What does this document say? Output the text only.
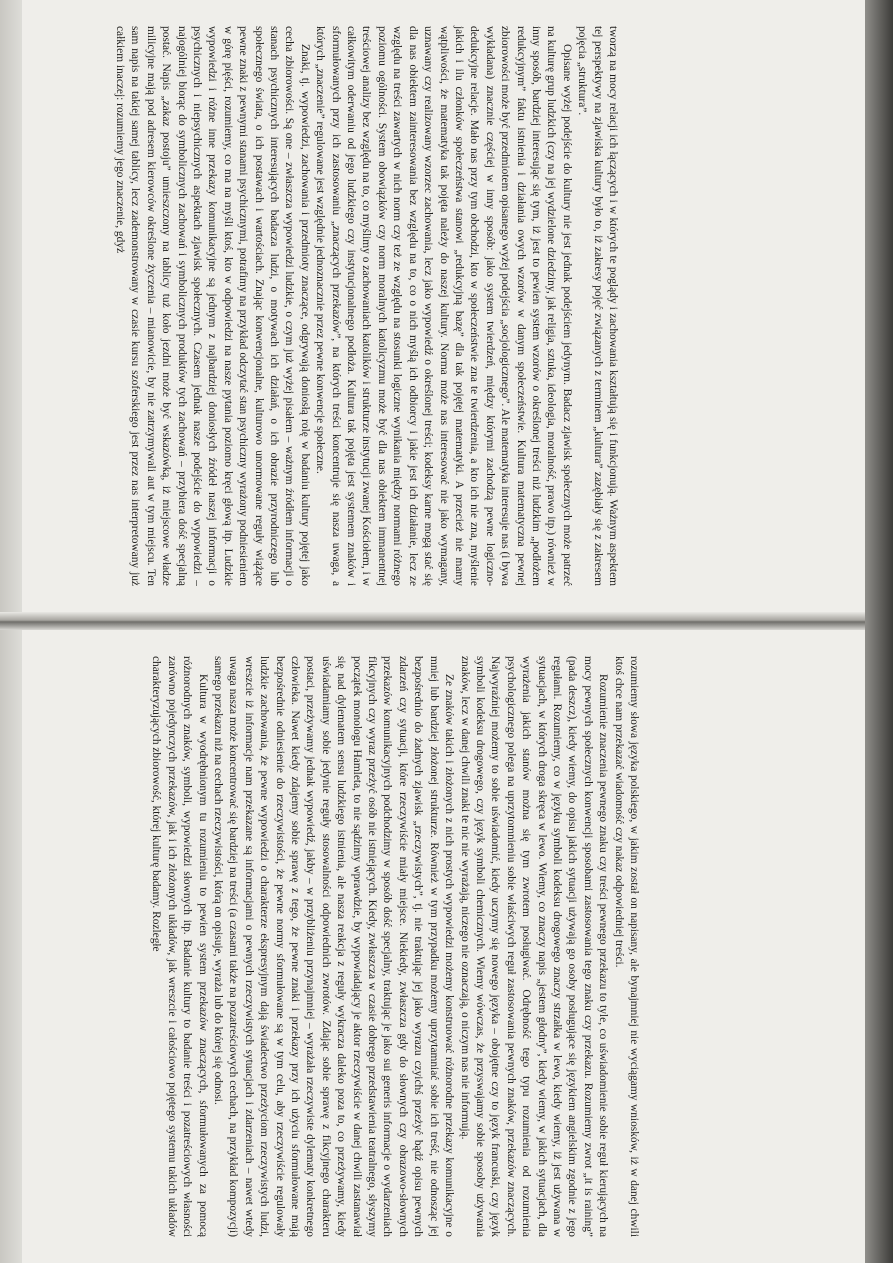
tworzą na mocy relacji ich łączących i w których te poglądy i zachowania kształtują się i funkcjonują. Ważnym aspektem tej perspektywy na zjawiska kultury było to, iż zakresy pojęć związanych z terminem „kultura” zazębiały się z zakresem pojęcia „struktura”.

Opisane wyżej podejście do kultury nie jest jednak podejściem jedynym. Badacz zjawisk społecznych może patrzeć na kulturę grup ludzkich (czy na jej wydzielone dziedziny, jak religia, sztuka, ideologia, moralność, prawo itp.) również w inny sposób, bardziej interesując się tym, iż jest to pewien system wzorów o określonej treści niż ludzkim „podłożem redukcyjnym” faktu istnienia i działania owych wzorów w danym społeczeństwie. Kultura matematyczna pewnej zbiorowości może być przedmiotem opisanego wyżej podejścia „socjologicznego”. Ale matematyka interesuje nas (i bywa wykładana) znacznie częściej w inny sposób: jako system twierdzeń, między którymi zachodzą pewne logiczno-dedukcyjne relacje. Mało nas przy tym obchodzi, kto w społeczeństwie zna te twierdzenia, a kto ich nie zna, myślenie jakich i ilu członków społeczeństwa stanowi „redukcyjną bazę” dla tak pojętej matematyki. A przecież nie mamy wątpliwości, że matematyka tak pojęta należy do naszej kultury. Norma może nas interesować nie jako wymagany, uznawany czy realizowany wzorzec zachowania, lecz jako wypowiedź o określonej treści; kodeksy karne mogą stać się dla nas obiektem zainteresowania bez względu na to, co o nich myślą ich odbiorcy i jakie jest ich działanie, lecz ze względu na treści zawartych w nich norm czy też ze względu na stosunki logiczne wynikania między normami różnego poziomu ogólności. System obowiązków czy norm moralnych katolicyzmu może być dla nas obiektem immanentnej treściowej analizy bez względu na to, co myślimy o zachowaniach katolików i strukturze instytucji zwanej Kościołem, i w całkowitym oderwaniu od jego ludzkiego czy instytucjonalnego podłoża. Kultura tak pojęta jest systemem znaków i sformułowanych przy ich zastosowaniu „znaczących przekazów”, na których treści koncentruje się nasza uwaga, a których „znaczenie” regulowane jest względnie jednoznacznie przez pewne konwencje społeczne.

Znaki, tj. wypowiedzi, zachowania i przedmioty znaczące, odgrywają doniosłą rolę w badaniu kultury pojętej jako cecha zbiorowości. Są one – zwłaszcza wypowiedzi ludzkie, o czym już wyżej pisałem – ważnym źródłem informacji o stanach psychicznych interesujących badacza ludzi, o motywach ich działań, o ich obrazie przyrodniczego lub społecznego świata, o ich postawach i wartościach. Znając konwencjonalne, kulturowo unormowane reguły wiążące pewne znaki z pewnymi stanami psychicznymi, potrafimy na przykład odczytać stan psychiczny wyrażony podniesieniem w górę pięści, rozumiemy, co ma na myśli ktoś, kto w odpowiedzi na nasze pytania poziomo kręci głową itp. Ludzkie wypowiedzi i różne inne przekazy komunikacyjne są jednym z najbardziej doniosłych źródeł naszej informacji o psychicznych i niepsychicznych aspektach zjawisk społecznych. Czasem jednak nasze podejście do wypowiedzi – najogólniej biorąc do symbolicznych zachowań i symbolicznych produktów tych zachowań – przybiera dość specjalną postać. Napis „zakaz postoju” umieszczony na tablicy tuż koło jezdni może być wskazówką, iż miejscowe władze milicyjne mają pod adresem kierowców określone życzenia – mianowicie, by nie zatrzymywali aut w tym miejscu. Ten sam napis na takiej samej tablicy, lecz zademonstrowany w czasie kursu szoferskiego jest przez nas interpretowany już całkiem inaczej: rozumiemy jego znaczenie, gdyż

rozumiemy słowa języka polskiego, w jakim został on napisany, ale bynajmniej nie wyciągamy wniosków, iż w danej chwili ktoś chce nam przekazać wiadomość czy nakaz odpowiedniej treści.

Rozumienie znaczenia pewnego znaku czy treści pewnego przekazu to tyle, co uświadomienie sobie reguł kierujących na mocy pewnych społecznych konwencji sposobami zastosowania tego znaku czy przekazu. Rozumiemy zwrot „it is raining” (pada deszcz), kiedy wiemy, do opisu jakich sytuacji używają go osoby posługujące się językiem angielskim zgodnie z jego regułami. Rozumiemy, co w języku symboli kodeksu drogowego znaczy strzałka w lewo, kiedy wiemy, iż jest używana w sytuacjach, w których droga skręca w lewo. Wiemy, co znaczy napis „jestem głodny”, kiedy wiemy, w jakich sytuacjach, dla wyrażenia jakich stanów można się tym zwrotem posługiwać. Odrębność tego typu rozumienia od rozumienia psychologicznego polega na uprzytomnieniu sobie właściwych reguł zastosowania pewnych znaków, przekazów znaczących. Najwyraźniej możemy to sobie uświadomić, kiedy uczymy się nowego języka – obojętne czy to język francuski, czy język symboli kodeksu drogowego, czy język symboli chemicznych. Wiemy wówczas, że przyswajamy sobie sposoby używania znaków, lecz w danej chwili znaki te nic nie wyrażają, niczego nie oznaczają, o niczym nas nie informują.

Ze znaków takich i złożonych z nich prostych wypowiedzi możemy konstruować różnorodne przekazy komunikacyjne o mniej lub bardziej złożonej strukturze. Również w tym przypadku możemy uprzytamniać sobie ich treść, nie odnosząc jej bezpośrednio do żadnych zjawisk „rzeczywistych”, tj. nie traktując jej jako wyrazu czyichś przeżyć bądź opisu pewnych zdarzeń czy sytuacji, które rzeczywiście miały miejsce. Niekiedy, zwłaszcza gdy do słownych czy obrazowo-słownych przekazów komunikacyjnych podchodzimy w sposób dość specjalny, traktując je jako sui generis informacje o wydarzeniach fikcyjnych czy wyraz przeżyć osób nie istniejących. Kiedy, zwłaszcza w czasie dobrego przedstawienia teatralnego, słyszymy początek monologu Hamleta, to nie sądzimy wprawdzie, by wypowiadający je aktor rzeczywiście w danej chwili zastanawiał się nad dylematem sensu ludzkiego istnienia, ale nasza reakcja z reguły wykracza daleko poza to, co przeżywamy, kiedy uświadamiamy sobie jedynie reguły stosowalności odpowiednich zwrotów. Zdając sobie sprawę z fikcyjnego charakteru postaci, przeżywamy jednak wypowiedź, jakby – w przybliżeniu przynajmniej – wyrażała rzeczywiste dylematy konkretnego człowieka. Nawet kiedy zdajemy sobie sprawę z tego, że pewne znaki i przekazy przy ich użyciu sformułowane mają bezpośrednie odniesienie do rzeczywistości, że pewne normy sformułowane są w tym celu, aby rzeczywiście regulowały ludzkie zachowania, że pewne wypowiedzi o charakterze ekspresyjnym dają świadectwo przeżyciom rzeczywistych ludzi, wreszcie iż informacje nam przekazane są informacjami o pewnych rzeczywistych sytuacjach i zdarzeniach – nawet wtedy uwaga nasza może koncentrować się bardziej na treści (a czasami także na pozatreściowych cechach, na przykład kompozycji) samego przekazu niż na cechach rzeczywistości, którą on opisuje, wyraża lub do której się odnosi.

Kultura w wyodrębnionym tu rozumieniu to pewien system przekazów znaczących, sformułowanych za pomocą różnorodnych znaków, symboli, wypowiedzi słownych itp. Badanie kultury to badanie treści i pozatreściowych własności zarówno pojedynczych przekazów, jak i ich złożonych układów, jak wreszcie i całościowo pojętego systemu takich układów charakteryzujących zbiorowość, której kulturę badamy. Rozległe
